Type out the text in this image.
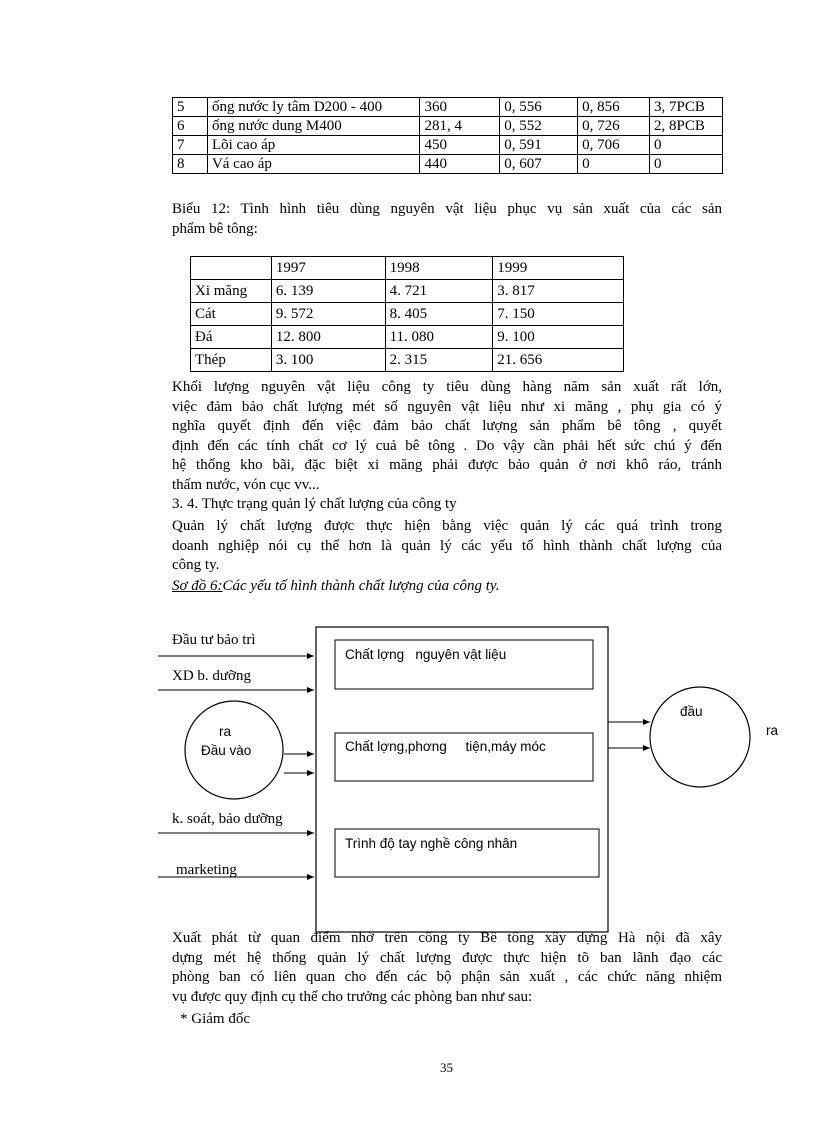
5	ống nước ly tâm D200 - 400	360	0, 556	0, 856	3, 7PCB
6	ống nước dung M400	281, 4	0, 552	0, 726	2, 8PCB
7	Lõi cao áp	450	0, 591	0, 706	0
8	Vá cao áp	440	0, 607	0	0
Biểu 12: Tình hình tiêu dùng nguyên vật liệu phục vụ sản xuất của các sản
phẩm bê tông:
	1997	1998	1999
Xi măng	6. 139	4. 721	3. 817
Cát	9. 572	8. 405	7. 150
Đá	12. 800	11. 080	9. 100
Thép	3. 100	2. 315	21. 656
Khối lượng nguyên vật liệu công ty tiêu dùng hàng năm sản xuất rất lớn,
việc đảm bảo chất lượng mét số nguyên vật liệu như xi măng , phụ gia có ý
nghĩa quyết định đến việc đảm bảo chất lượng sản phẩm bê tông , quyết
định đến các tính chất cơ lý cuả bê tông . Do vậy cần phải hết sức chú ý đến
hệ thống kho bãi, đặc biệt xi măng phải được bảo quản ở nơi khô ráo, tránh
thấm nước, vón cục vv...
3. 4. Thực trạng quản lý chất lượng của công ty
Quản lý chất lượng được thực hiện bằng việc quản lý các quá trình trong
doanh nghiệp nói cụ thể hơn là quản lý các yếu tố hình thành chất lượng của
công ty.
Sơ đồ 6:Các yếu tố hình thành chất lượng của công ty.
Đầu tư bảo trì
XD b. dưỡng
k. soát, bảo dưỡng
marketing
ra
Đầu vào
Chất lợng   nguyên vật liệu
Chất lợng,phơng     tiện,máy móc
Trình độ tay nghề công nhân
đầu
ra
Xuất phát từ quan điểm nhờ trên công ty Bê tông xây dựng Hà nội đã xây
dựng mét hệ thống quản lý chất lượng được thực hiện tõ ban lãnh đạo các
phòng ban có liên quan cho đến các bộ phận sản xuất , các chức năng nhiệm
vụ được quy định cụ thể cho trưởng các phòng ban như sau:
* Giám đốc
35
